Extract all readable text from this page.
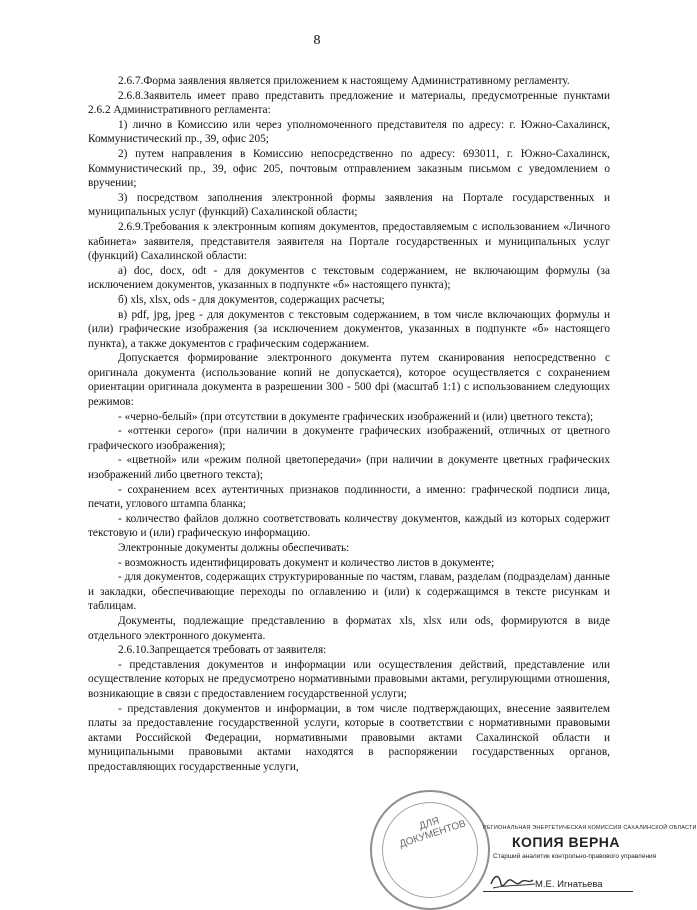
8

2.6.7.Форма заявления является приложением к настоящему Административному регламенту.

2.6.8.Заявитель имеет право представить предложение и материалы, предусмотренные пунктами 2.6.2 Административного регламента:

1) лично в Комиссию или через уполномоченного представителя по адресу: г. Южно-Сахалинск, Коммунистический пр., 39, офис 205;

2) путем направления в Комиссию непосредственно по адресу: 693011, г. Южно-Сахалинск, Коммунистический пр., 39, офис 205, почтовым отправлением заказным письмом с уведомлением о вручении;

3) посредством заполнения электронной формы заявления на Портале государственных и муниципальных услуг (функций) Сахалинской области;

2.6.9.Требования к электронным копиям документов, предоставляемым с использованием «Личного кабинета» заявителя, представителя заявителя на Портале государственных и муниципальных услуг (функций) Сахалинской области:

а) doc, docx, odt - для документов с текстовым содержанием, не включающим формулы (за исключением документов, указанных в подпункте «б» настоящего пункта);

б) xls, xlsx, ods - для документов, содержащих расчеты;

в) pdf, jpg, jpeg - для документов с текстовым содержанием, в том числе включающих формулы и (или) графические изображения (за исключением документов, указанных в подпункте «б» настоящего пункта), а также документов с графическим содержанием.

Допускается формирование электронного документа путем сканирования непосредственно с оригинала документа (использование копий не допускается), которое осуществляется с сохранением ориентации оригинала документа в разрешении 300 - 500 dpi (масштаб 1:1) с использованием следующих режимов:

- «черно-белый» (при отсутствии в документе графических изображений и (или) цветного текста);

- «оттенки серого» (при наличии в документе графических изображений, отличных от цветного графического изображения);

- «цветной» или «режим полной цветопередачи» (при наличии в документе цветных графических изображений либо цветного текста);

- сохранением всех аутентичных признаков подлинности, а именно: графической подписи лица, печати, углового штампа бланка;

- количество файлов должно соответствовать количеству документов, каждый из которых содержит текстовую и (или) графическую информацию.

Электронные документы должны обеспечивать:

- возможность идентифицировать документ и количество листов в документе;

- для документов, содержащих структурированные по частям, главам, разделам (подразделам) данные и закладки, обеспечивающие переходы по оглавлению и (или) к содержащимся в тексте рисункам и таблицам.

Документы, подлежащие представлению в форматах xls, xlsx или ods, формируются в виде отдельного электронного документа.

2.6.10.Запрещается требовать от заявителя:

- представления документов и информации или осуществления действий, представление или осуществление которых не предусмотрено нормативными правовыми актами, регулирующими отношения, возникающие в связи с предоставлением государственной услуги;

- представления документов и информации, в том числе подтверждающих, внесение заявителем платы за предоставление государственной услуги, которые в соответствии с нормативными правовыми актами Российской Федерации, нормативными правовыми актами Сахалинской области и муниципальными правовыми актами находятся в распоряжении государственных органов, предоставляющих государственные услуги,

ДЛЯ ДОКУМЕНТОВ	РЕГИОНАЛЬНАЯ ЭНЕРГЕТИЧЕСКАЯ КОМИССИЯ САХАЛИНСКОЙ ОБЛАСТИ
КОПИЯ ВЕРНА
Старший аналитик контрольно-правового управления
М.Е. Игнатьева
